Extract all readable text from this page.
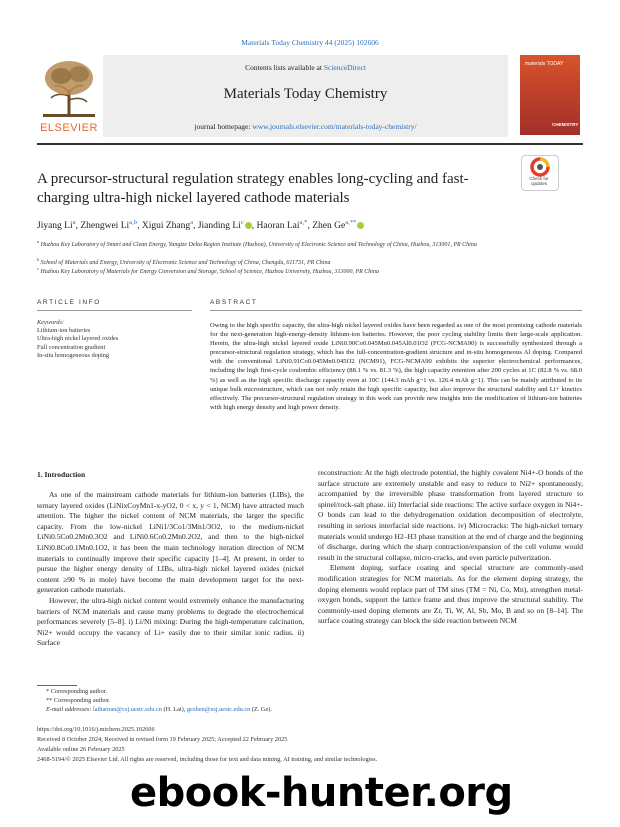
Materials Today Chemistry 44 (2025) 102606
Contents lists available at ScienceDirect
Materials Today Chemistry
journal homepage: www.journals.elsevier.com/materials-today-chemistry/
ELSEVIER
materials TODAY
CHEMISTRY
A precursor-structural regulation strategy enables long-cycling and fast-charging ultra-high nickel layered cathode materials
Check for updates
Jiyang Li$^a$, Zhengwei Li$^{a,b}$, Xigui Zhang$^a$, Jianding Li$^c$ , Haoran Lai$^{a,*}$, Zhen $Ge^{a,**}$
$^a$ Huzhou Key Laboratory of Smart and Clean Energy, Yangtze Delta Region Institute (Huzhou), University of Electronic Science and Technology of China, Huzhou, 313001, PR China
$^b$ School of Materials and Energy, University of Electronic Science and Technology of China, Chengdu, 611731, PR China
$^c$ Huzhou Key Laboratory of Materials for Energy Conversion and Storage, School of Science, Huzhou University, Huzhou, 313000, PR China
ARTICLE INFO
Keywords:
Lithium-ion batteries
Ultra-high nickel layered oxides
Full concentration gradient
In-situ homogeneous doping
ABSTRACT
Owing to the high specific capacity, the ultra-high nickel layered oxides have been regarded as one of the most promising cathode materials for the next-generation high-energy-density lithium-ion batteries. However, the poor cycling stability limits their large-scale application. Herein, the ultra-high nickel layered oxide LiNi0.90Co0.045Mn0.045Al0.01O2 (FCG-NCMA90) is successfully synthesized through a precursor-structural regulation strategy, which has the full-concentration-gradient structure and in-situ homogeneous Al doping. Compared with the conventional LiNi0.91Co0.045Mn0.045O2 (NCM91), FCG-NCMA90 exhibits the superior electrochemical performances, including the high first-cycle coulombic efficiency (88.1 % vs. 81.3 %), the high capacity retention after 200 cycles at 1C (82.8 % vs. 68.0 %) as well as the high specific discharge capacity even at 10C (144.3 mAh g−1 vs. 126.4 mAh g−1). This can be mainly attributed to its unique bulk microstructure, which can not only retain the high specific capacity, but also improve the structural stability and Li+ kinetics effectively. The precursor-structural regulation strategy in this work can provide new insights into the modification of lithium-ion batteries with high energy density and high power density.
1. Introduction
As one of the mainstream cathode materials for lithium-ion batteries (LIBs), the ternary layered oxides (LiNixCoyMn1-x-yO2, 0 < x, y < 1, NCM) have attracted much attention. The higher the nickel content of NCM materials, the larger the specific capacity. From the low-nickel LiNi1/3Co1/3Mn1/3O2, to the medium-nickel LiNi0.5Co0.2Mn0.3O2 and LiNi0.6Co0.2Mn0.2O2, and then to the high-nickel LiNi0.8Co0.1Mn0.1O2, it has been the main technology iteration direction of NCM materials to continually improve their specific capacity [1–4]. At present, in order to pursue the higher energy density of LIBs, ultra-high nickel layered oxides (nickel content ≥90 % in mole) have become the main development target for the next-generation cathode materials.
However, the ultra-high nickel content would extremely enhance the manufacturing barriers of NCM materials and cause many problems to degrade the electrochemical performances severely [5–8]. i) Li/Ni mixing: During the high-temperature calcination, Ni2+ would occupy the vacancy of Li+ easily due to their similar ionic radius. ii) Surface
reconstruction: At the high electrode potential, the highly covalent Ni4+-O bonds of the surface structure are extremely unstable and easy to reduce to Ni2+ spontaneously, accompanied by the irreversible phase transformation from layered structure to spinel/rock-salt phase. iii) Interfacial side reactions: The active surface oxygen in Ni4+-O bonds can lead to the dehydrogenation oxidation decomposition of electrolyte, resulting in serious interfacial side reactions. iv) Microcracks: The high-nickel ternary materials would undergo H2–H3 phase transition at the end of charge and the beginning of discharge, during which the sharp contraction/expansion of the cell volume would result in the structural collapse, micro-cracks, and even particle pulverization.
Element doping, surface coating and special structure are commonly-used modification strategies for NCM materials. As for the element doping strategy, the doping elements would replace part of TM sites (TM = Ni, Co, Mn), strengthen metal-oxygen bonds, support the lattice frame and thus improve the structural stability. The commonly-used doping elements are Zr, Ti, W, Al, Sb, Mo, B and so on [8–14]. The surface coating strategy can block the side reaction between NCM
* Corresponding author.
** Corresponding author.
E-mail addresses: laihaoran@csj.uestc.edu.cn (H. Lai), gezhen@esj.uestc.edu.cn (Z. Ge).
https://doi.org/10.1016/j.mtchem.2025.102606
Received 8 October 2024; Received in revised form 19 February 2025; Accepted 22 February 2025
Available online 26 February 2025
2468-5194/© 2025 Elsevier Ltd. All rights are reserved, including those for text and data mining, AI training, and similar technologies.
ebook-hunter.org
